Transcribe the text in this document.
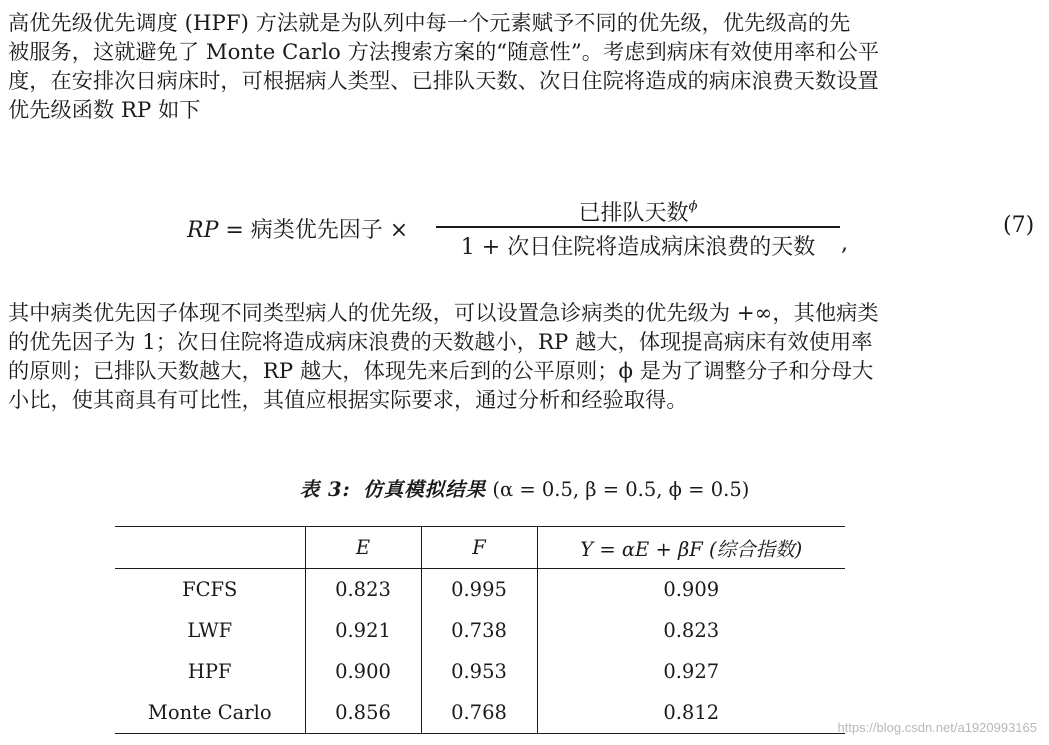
高优先级优先调度 (HPF) 方法就是为队列中每一个元素赋予不同的优先级，优先级高的先
被服务，这就避免了 Monte Carlo 方法搜索方案的“随意性”。考虑到病床有效使用率和公平
度，在安排次日病床时，可根据病人类型、已排队天数、次日住院将造成的病床浪费天数设置
优先级函数 RP 如下
RP = 病类优先因子 ×
已排队天数$^\phi$
1 + 次日住院将造成病床浪费的天数	,
(7)
其中病类优先因子体现不同类型病人的优先级，可以设置急诊病类的优先级为 +∞，其他病类
的优先因子为 1；次日住院将造成病床浪费的天数越小，RP 越大，体现提高病床有效使用率
的原则；已排队天数越大，RP 越大，体现先来后到的公平原则；ϕ 是为了调整分子和分母大
小比，使其商具有可比性，其值应根据实际要求，通过分析和经验取得。
表 3: 仿真模拟结果 (α = 0.5, β = 0.5, ϕ = 0.5)
	E	F	Y = αE + βF (综合指数)
FCFS	0.823	0.995	0.909
LWF	0.921	0.738	0.823
HPF	0.900	0.953	0.927
Monte Carlo	0.856	0.768	0.812
https://blog.csdn.net/a1920993165
